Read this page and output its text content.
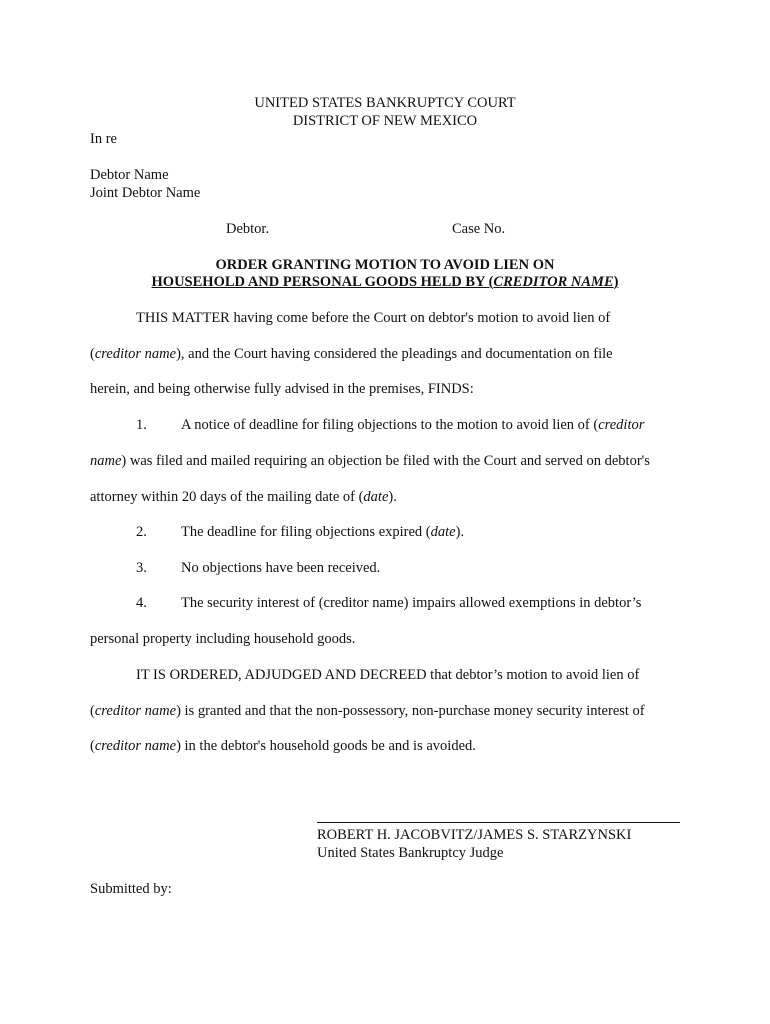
UNITED STATES BANKRUPTCY COURT
DISTRICT OF NEW MEXICO
In re
Debtor Name
Joint Debtor Name
Debtor.	Case No.
ORDER GRANTING MOTION TO AVOID LIEN ON
HOUSEHOLD AND PERSONAL GOODS HELD BY (CREDITOR NAME)
THIS MATTER having come before the Court on debtor's motion to avoid lien of
(creditor name), and the Court having considered the pleadings and documentation on file
herein, and being otherwise fully advised in the premises, FINDS:
1. A notice of deadline for filing objections to the motion to avoid lien of (creditor
name) was filed and mailed requiring an objection be filed with the Court and served on debtor's
attorney within 20 days of the mailing date of (date).
2. The deadline for filing objections expired (date).
3. No objections have been received.
4. The security interest of (creditor name) impairs allowed exemptions in debtor’s
personal property including household goods.
IT IS ORDERED, ADJUDGED AND DECREED that debtor’s motion to avoid lien of
(creditor name) is granted and that the non-possessory, non-purchase money security interest of
(creditor name) in the debtor's household goods be and is avoided.
ROBERT H. JACOBVITZ/JAMES S. STARZYNSKI
United States Bankruptcy Judge
Submitted by:
